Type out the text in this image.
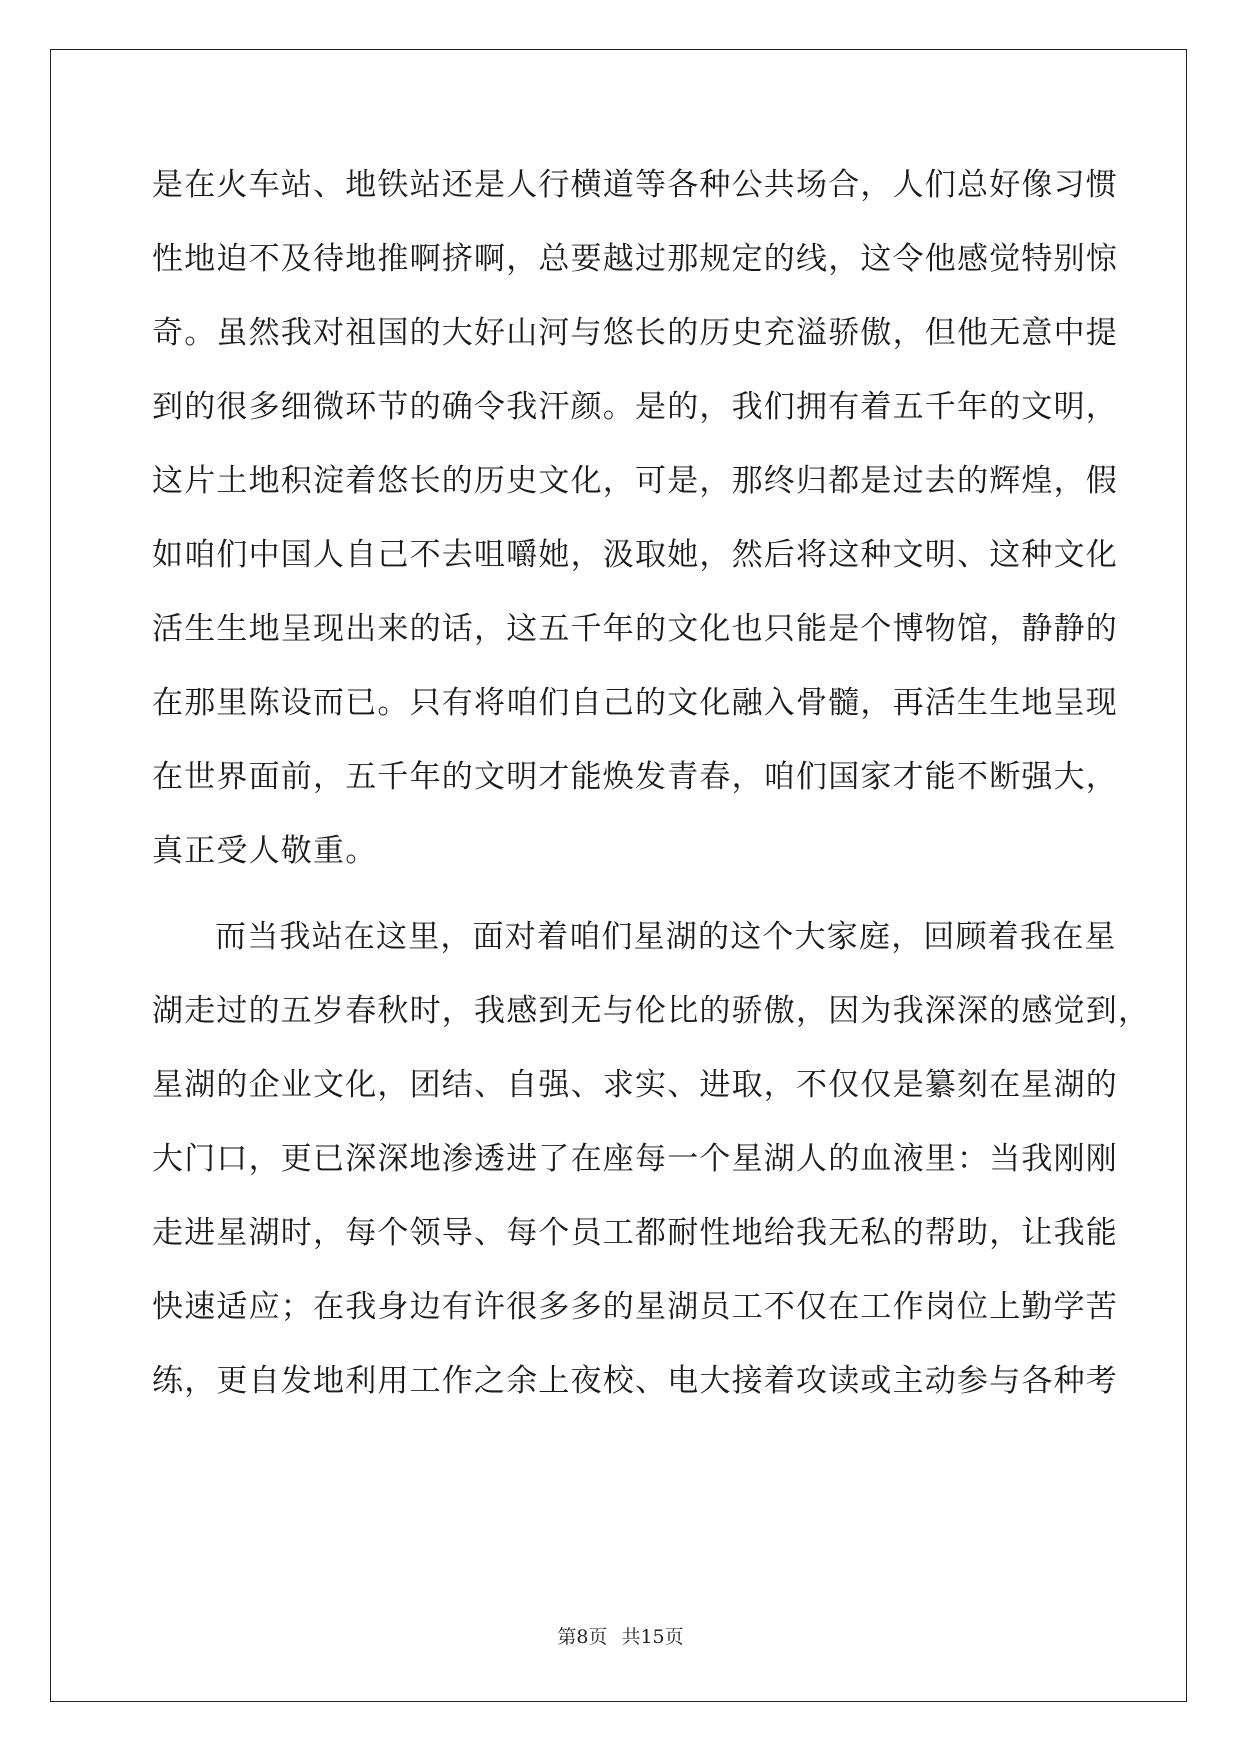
是在火车站、地铁站还是人行横道等各种公共场合，人们总好像习惯
性地迫不及待地推啊挤啊，总要越过那规定的线，这令他感觉特别惊
奇。虽然我对祖国的大好山河与悠长的历史充溢骄傲，但他无意中提
到的很多细微环节的确令我汗颜。是的，我们拥有着五千年的文明，
这片土地积淀着悠长的历史文化，可是，那终归都是过去的辉煌，假
如咱们中国人自己不去咀嚼她，汲取她，然后将这种文明、这种文化
活生生地呈现出来的话，这五千年的文化也只能是个博物馆，静静的
在那里陈设而已。只有将咱们自己的文化融入骨髓，再活生生地呈现
在世界面前，五千年的文明才能焕发青春，咱们国家才能不断强大，
真正受人敬重。
而当我站在这里，面对着咱们星湖的这个大家庭，回顾着我在星
湖走过的五岁春秋时，我感到无与伦比的骄傲，因为我深深的感觉到，
星湖的企业文化，团结、自强、求实、进取，不仅仅是纂刻在星湖的
大门口，更已深深地渗透进了在座每一个星湖人的血液里：当我刚刚
走进星湖时，每个领导、每个员工都耐性地给我无私的帮助，让我能
快速适应；在我身边有许很多多的星湖员工不仅在工作岗位上勤学苦
练，更自发地利用工作之余上夜校、电大接着攻读或主动参与各种考
第8页 共15页
